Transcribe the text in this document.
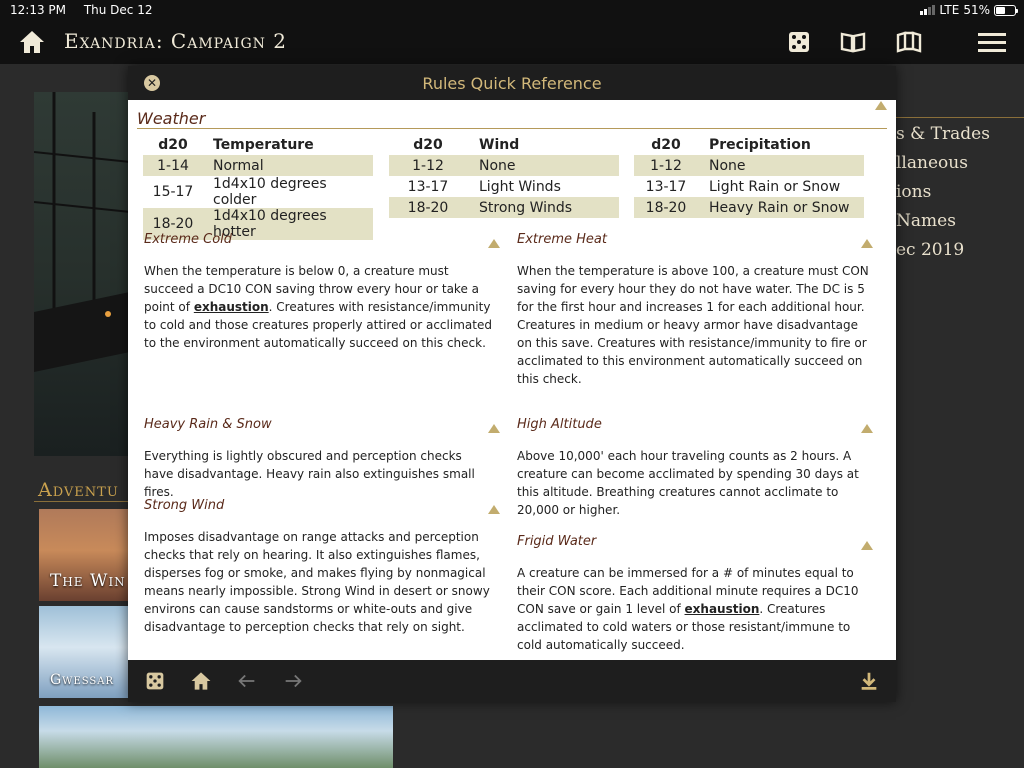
12:13 PM Thu Dec 12	LTE 51%
Exandria: Campaign 2
Adventu
The Win
Gwessar
s & Trades
llaneous
ions
Names
ec 2019
Rules Quick Reference
✕
Weather
d20	Temperature
1-14	Normal
15-17	1d4x10 degrees colder
18-20	1d4x10 degrees hotter
d20	Wind
1-12	None
13-17	Light Winds
18-20	Strong Winds
d20	Precipitation
1-12	None
13-17	Light Rain or Snow
18-20	Heavy Rain or Snow
Extreme Cold
When the temperature is below 0, a creature must succeed a DC10 CON saving throw every hour or take a point of exhaustion. Creatures with resistance/immunity to cold and those creatures properly attired or acclimated to the environment automatically succeed on this check.
Extreme Heat
When the temperature is above 100, a creature must CON saving for every hour they do not have water. The DC is 5 for the first hour and increases 1 for each additional hour. Creatures in medium or heavy armor have disadvantage on this save. Creatures with resistance/immunity to fire or acclimated to this environment automatically succeed on this check.
Heavy Rain & Snow
Everything is lightly obscured and perception checks have disadvantage. Heavy rain also extinguishes small fires.
High Altitude
Above 10,000' each hour traveling counts as 2 hours. A creature can become acclimated by spending 30 days at this altitude. Breathing creatures cannot acclimate to 20,000 or higher.
Strong Wind
Imposes disadvantage on range attacks and perception checks that rely on hearing. It also extinguishes flames, disperses fog or smoke, and makes flying by nonmagical means nearly impossible. Strong Wind in desert or snowy environs can cause sandstorms or white-outs and give disadvantage to perception checks that rely on sight.
Frigid Water
A creature can be immersed for a # of minutes equal to their CON score. Each additional minute requires a DC10 CON save or gain 1 level of exhaustion. Creatures acclimated to cold waters or those resistant/immune to cold automatically succeed.
